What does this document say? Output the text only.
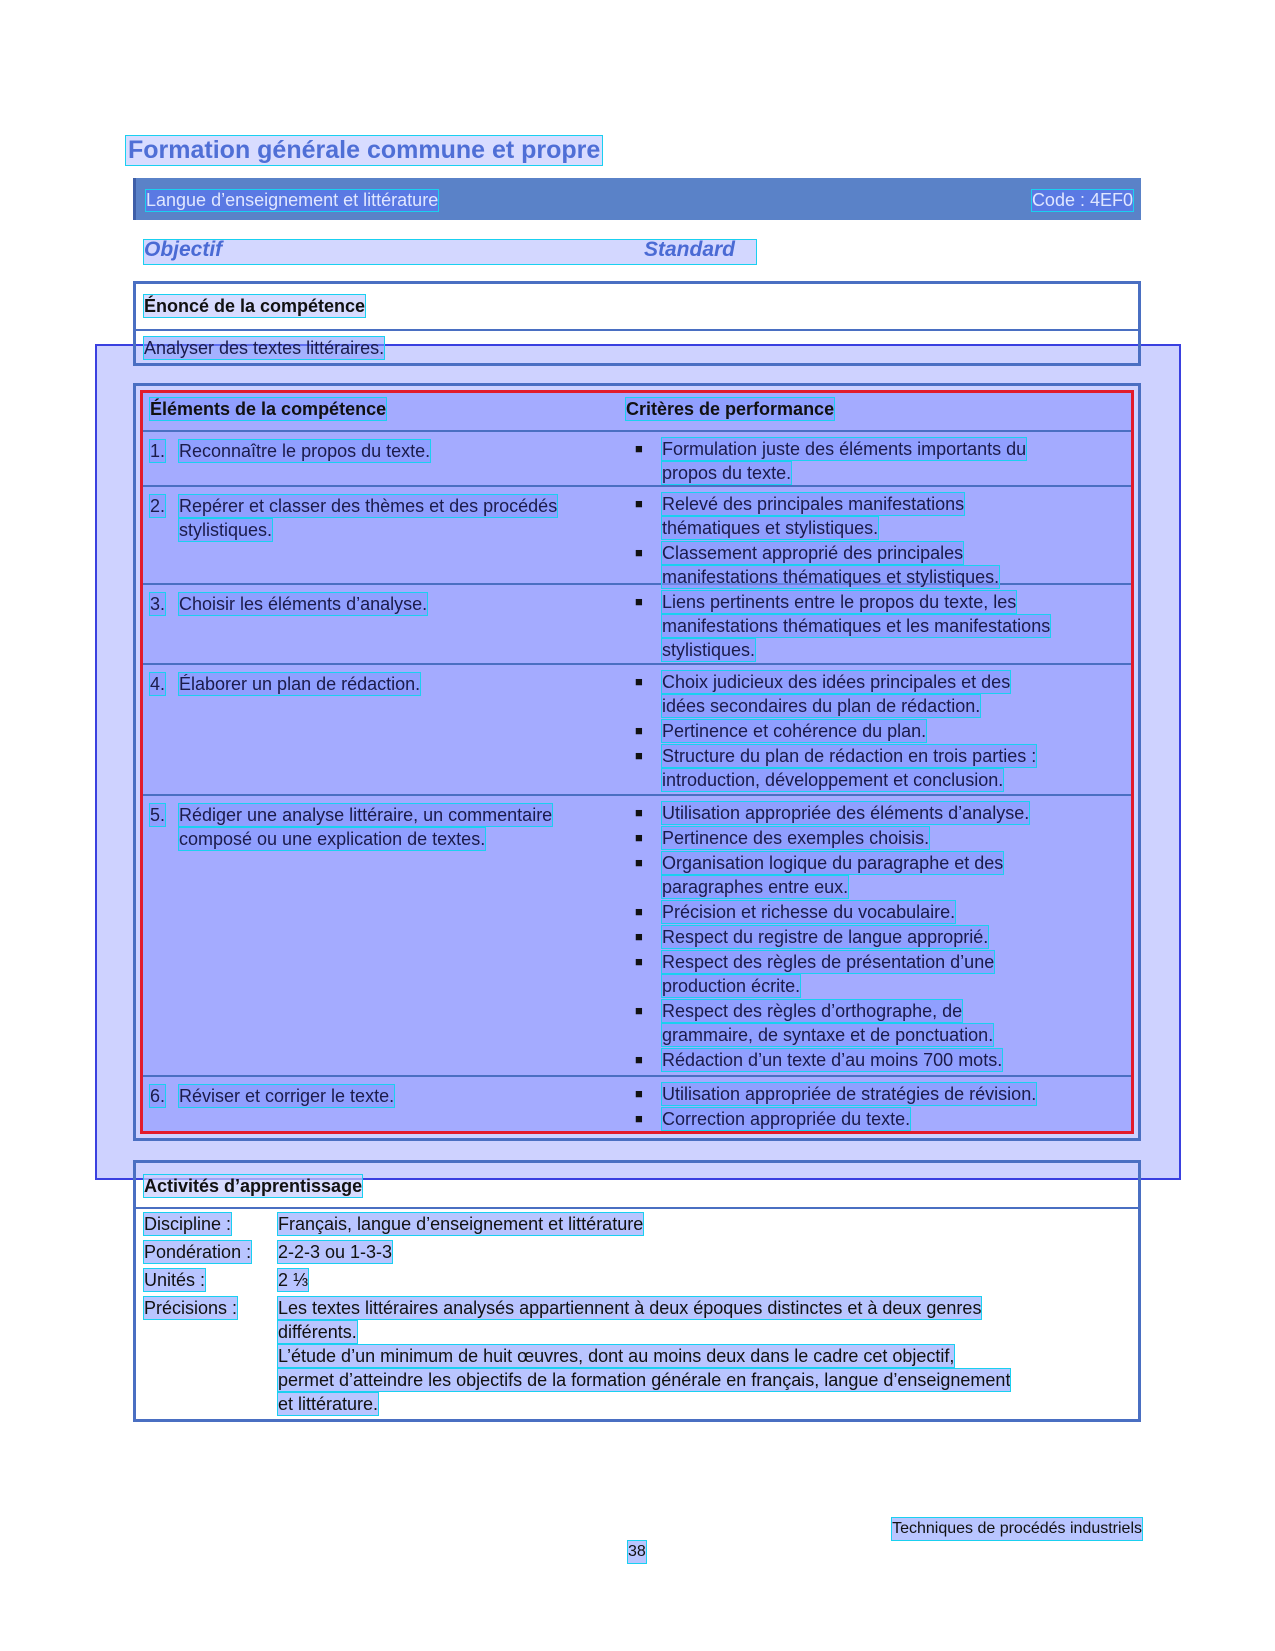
Formation générale commune et propre
Langue d’enseignement et littérature	Code : 4EF0
Objectif	Standard
Énoncé de la compétence
Analyser des textes littéraires.
Éléments de la compétence	Critères de performance
1. Reconnaître le propos du texte.	■ Formulation juste des éléments importants du
propos du texte.
2. Repérer et classer des thèmes et des procédés
stylistiques.
■ Relevé des principales manifestations
thématiques et stylistiques.
■ Classement approprié des principales
manifestations thématiques et stylistiques.
3. Choisir les éléments d’analyse.	■ Liens pertinents entre le propos du texte, les
manifestations thématiques et les manifestations
stylistiques.
4. Élaborer un plan de rédaction.	■ Choix judicieux des idées principales et des
idées secondaires du plan de rédaction.
■ Pertinence et cohérence du plan.
■ Structure du plan de rédaction en trois parties :
introduction, développement et conclusion.
5. Rédiger une analyse littéraire, un commentaire
composé ou une explication de textes.
■ Utilisation appropriée des éléments d’analyse.
■ Pertinence des exemples choisis.
■ Organisation logique du paragraphe et des
paragraphes entre eux.
■ Précision et richesse du vocabulaire.
■ Respect du registre de langue approprié.
■ Respect des règles de présentation d’une
production écrite.
■ Respect des règles d’orthographe, de
grammaire, de syntaxe et de ponctuation.
■ Rédaction d’un texte d’au moins 700 mots.
6. Réviser et corriger le texte.	■ Utilisation appropriée de stratégies de révision.
■ Correction appropriée du texte.
Activités d’apprentissage
Discipline :	Français, langue d’enseignement et littérature
Pondération : 2-2-3 ou 1-3-3
Unités :	2 ⅓
Précisions : Les textes littéraires analysés appartiennent à deux époques distinctes et à deux genres
différents.
L’étude d’un minimum de huit œuvres, dont au moins deux dans le cadre cet objectif,
permet d’atteindre les objectifs de la formation générale en français, langue d’enseignement
et littérature.
Techniques de procédés industriels
38
